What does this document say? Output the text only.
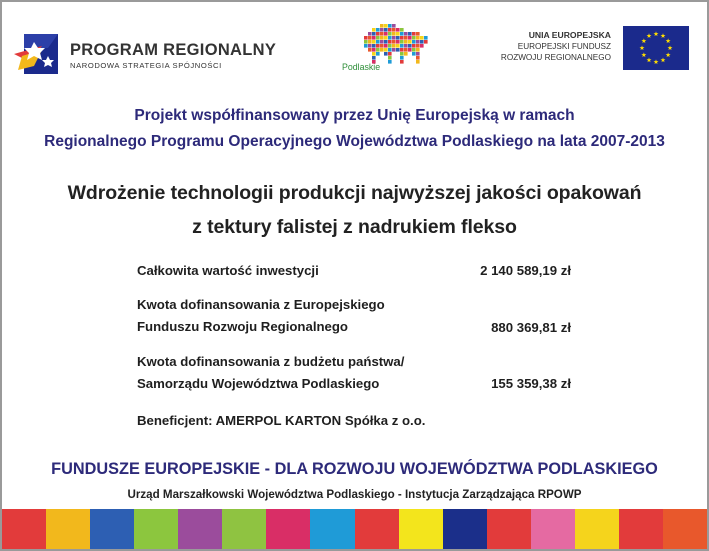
PROGRAM REGIONALNY
NARODOWA STRATEGIA SPÓJNOŚCI	Podlaskie
UNIA EUROPEJSKA
EUROPEJSKI FUNDUSZ
ROZWOJU REGIONALNEGO
Projekt współfinansowany przez Unię Europejską w ramach
Regionalnego Programu Operacyjnego Województwa Podlaskiego na lata 2007-2013
Wdrożenie technologii produkcji najwyższej jakości opakowań
z tektury falistej z nadrukiem flekso
Całkowita wartość inwestycji	2 140 589,19 zł
Kwota dofinansowania z Europejskiego
Funduszu Rozwoju Regionalnego	880 369,81 zł
Kwota dofinansowania z budżetu państwa/
Samorządu Województwa Podlaskiego	155 359,38 zł
Beneficjent: AMERPOL KARTON Spółka z o.o.
FUNDUSZE EUROPEJSKIE - DLA ROZWOJU WOJEWÓDZTWA PODLASKIEGO
Urząd Marszałkowski Województwa Podlaskiego - Instytucja Zarządzająca RPOWP
